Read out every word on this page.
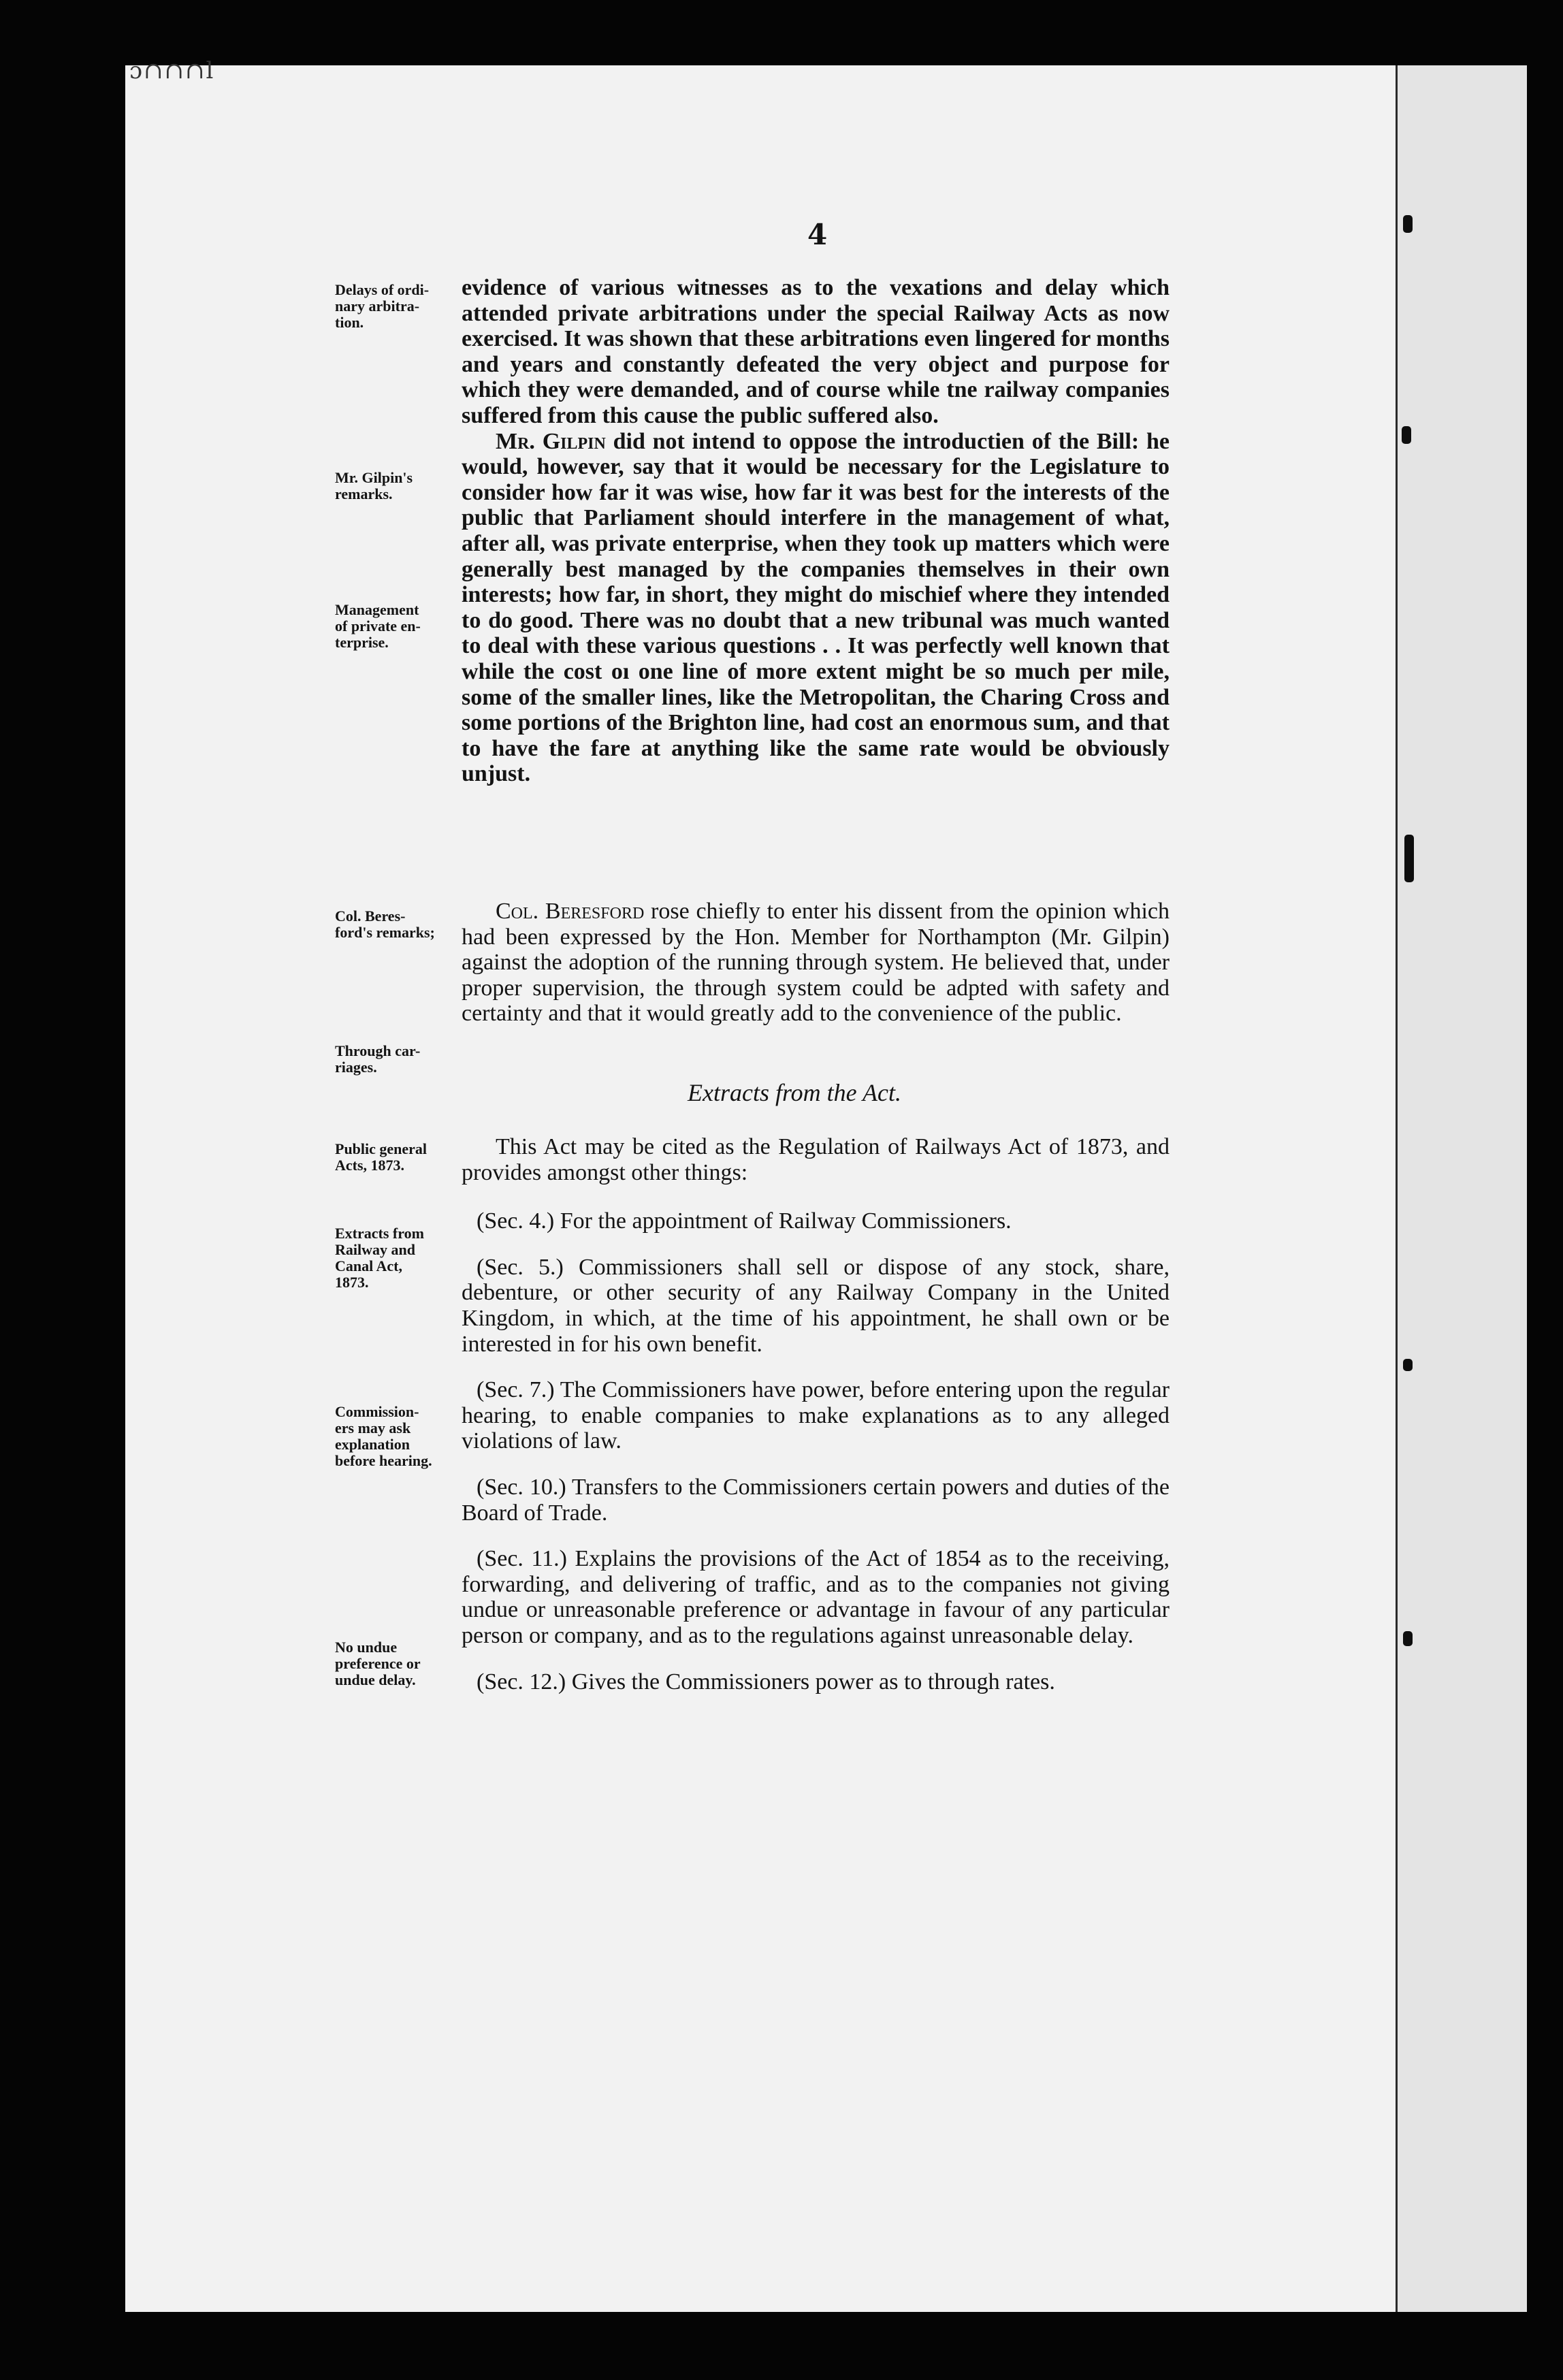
ɔ∩∩∩l
4
Delays of ordi-
nary arbitra-
tion.
Mr. Gilpin's
remarks.
Management
of private en-
terprise.
Col. Beres-
ford's remarks;
Through car-
riages.
Public general
Acts, 1873.
Extracts from
Railway and
Canal Act,
1873.
Commission-
ers may ask
explanation
before hearing.
No undue
preference or
undue delay.

evidence of various witnesses as to the vexations and delay which attended private arbitrations under the special Railway Acts as now exercised. It was shown that these arbitrations even lingered for months and years and constantly defeated the very object and purpose for which they were demanded, and of course while tne railway companies suffered from this cause the public suffered also.

Mr. Gilpin did not intend to oppose the introductien of the Bill: he would, however, say that it would be necessary for the Legislature to consider how far it was wise, how far it was best for the interests of the public that Parliament should interfere in the management of what, after all, was private enterprise, when they took up matters which were generally best managed by the companies themselves in their own interests; how far, in short, they might do mischief where they intended to do good. There was no doubt that a new tribunal was much wanted to deal with these various questions . . It was perfectly well known that while the cost oı one line of more extent might be so much per mile, some of the smaller lines, like the Metropolitan, the Charing Cross and some portions of the Brighton line, had cost an enormous sum, and that to have the fare at anything like the same rate would be obviously unjust.

Col. Beresford rose chiefly to enter his dissent from the opinion which had been expressed by the Hon. Member for Northampton (Mr. Gilpin) against the adoption of the running through system. He believed that, under proper supervision, the through system could be adpted with safety and certainty and that it would greatly add to the convenience of the public.

Extracts from the Act.

This Act may be cited as the Regulation of Railways Act of 1873, and provides amongst other things:

(Sec. 4.) For the appointment of Railway Commissioners.

(Sec. 5.) Commissioners shall sell or dispose of any stock, share, debenture, or other security of any Railway Company in the United Kingdom, in which, at the time of his appointment, he shall own or be interested in for his own benefit.

(Sec. 7.) The Commissioners have power, before entering upon the regular hearing, to enable companies to make explanations as to any alleged violations of law.

(Sec. 10.) Transfers to the Commissioners certain powers and duties of the Board of Trade.

(Sec. 11.) Explains the provisions of the Act of 1854 as to the receiving, forwarding, and delivering of traffic, and as to the companies not giving undue or unreasonable preference or advantage in favour of any particular person or company, and as to the regulations against unreasonable delay.

(Sec. 12.) Gives the Commissioners power as to through rates.
